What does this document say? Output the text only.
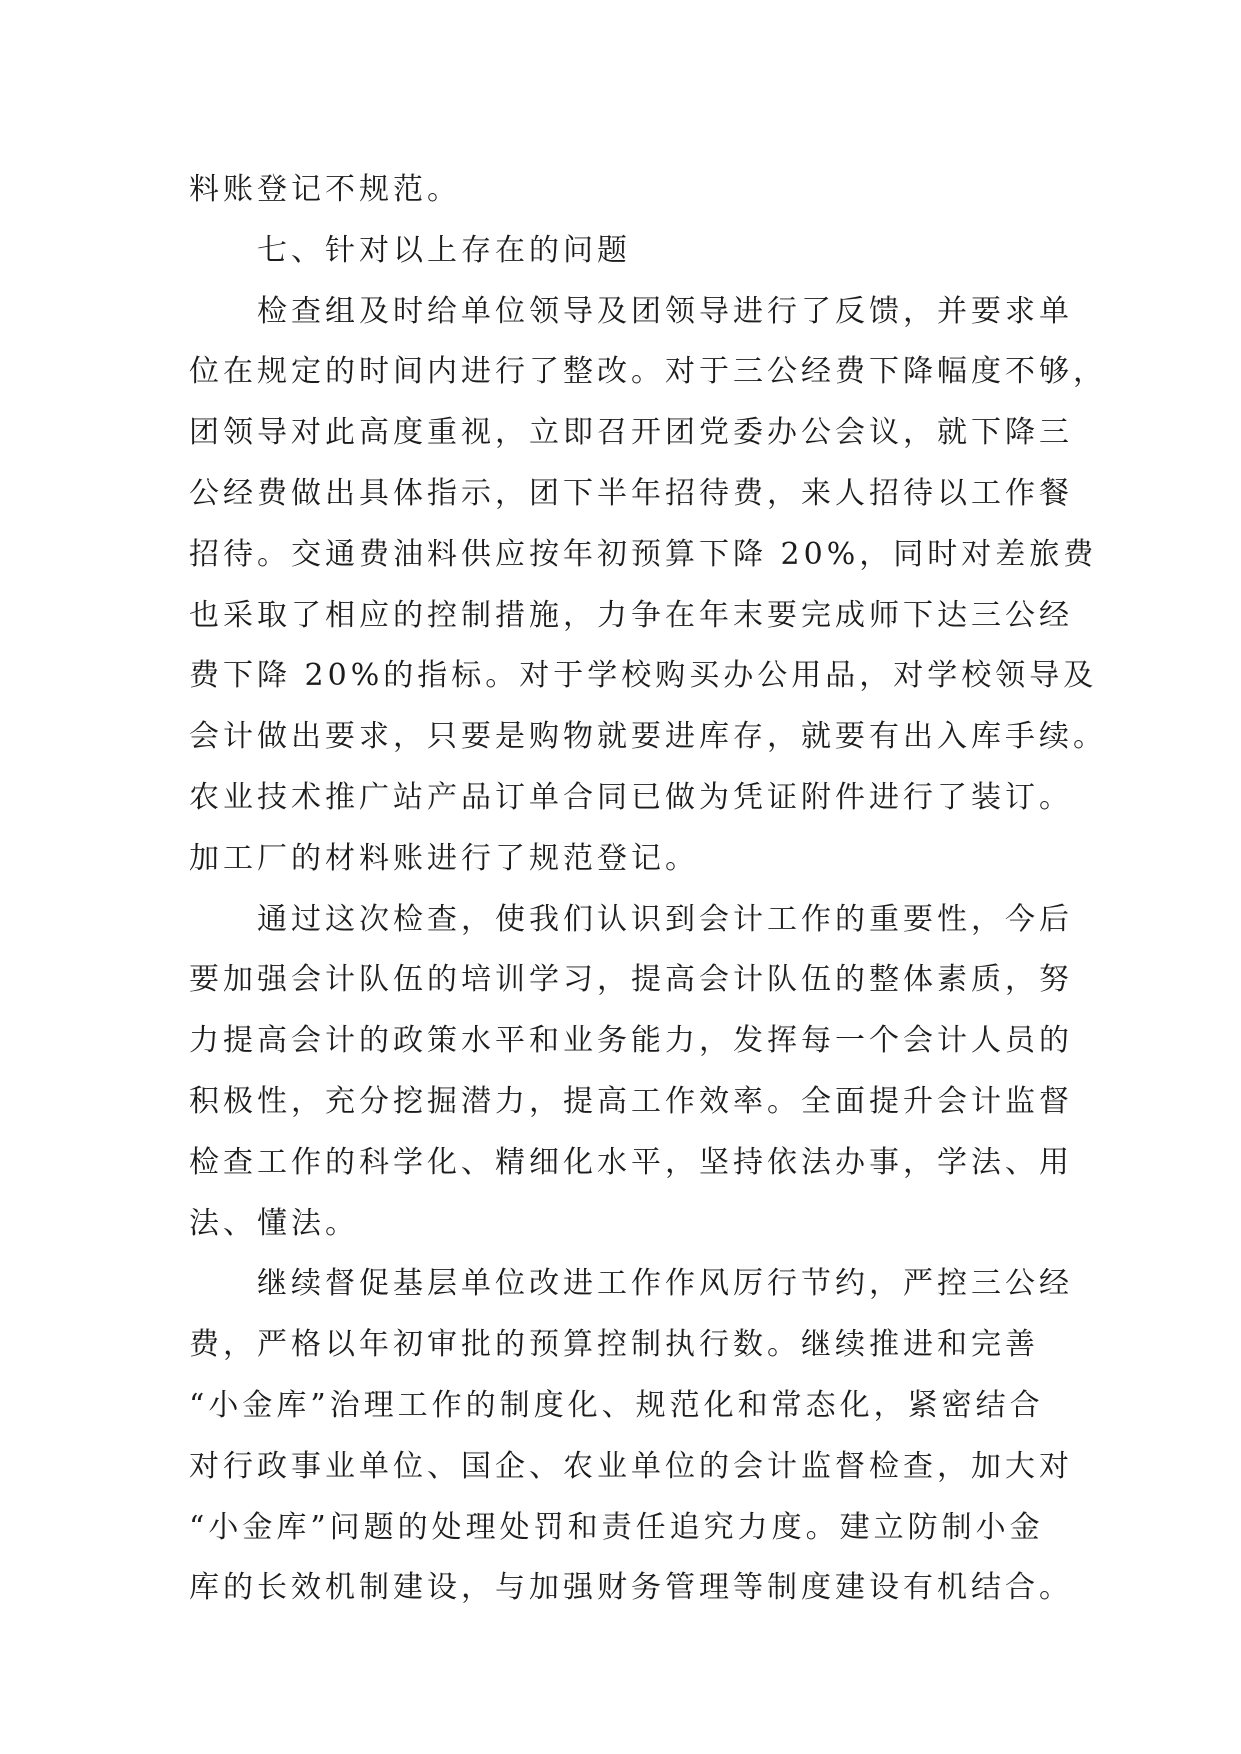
料账登记不规范。
七、针对以上存在的问题
检查组及时给单位领导及团领导进行了反馈，并要求单
位在规定的时间内进行了整改。对于三公经费下降幅度不够，
团领导对此高度重视，立即召开团党委办公会议，就下降三
公经费做出具体指示，团下半年招待费，来人招待以工作餐
招待。交通费油料供应按年初预算下降 20%，同时对差旅费
也采取了相应的控制措施，力争在年末要完成师下达三公经
费下降 20%的指标。对于学校购买办公用品，对学校领导及
会计做出要求，只要是购物就要进库存，就要有出入库手续。
农业技术推广站产品订单合同已做为凭证附件进行了装订。
加工厂的材料账进行了规范登记。
通过这次检查，使我们认识到会计工作的重要性，今后
要加强会计队伍的培训学习，提高会计队伍的整体素质，努
力提高会计的政策水平和业务能力，发挥每一个会计人员的
积极性，充分挖掘潜力，提高工作效率。全面提升会计监督
检查工作的科学化、精细化水平，坚持依法办事，学法、用
法、懂法。
继续督促基层单位改进工作作风厉行节约，严控三公经
费，严格以年初审批的预算控制执行数。继续推进和完善
“小金库”治理工作的制度化、规范化和常态化，紧密结合
对行政事业单位、国企、农业单位的会计监督检查，加大对
“小金库”问题的处理处罚和责任追究力度。建立防制小金
库的长效机制建设，与加强财务管理等制度建设有机结合。
